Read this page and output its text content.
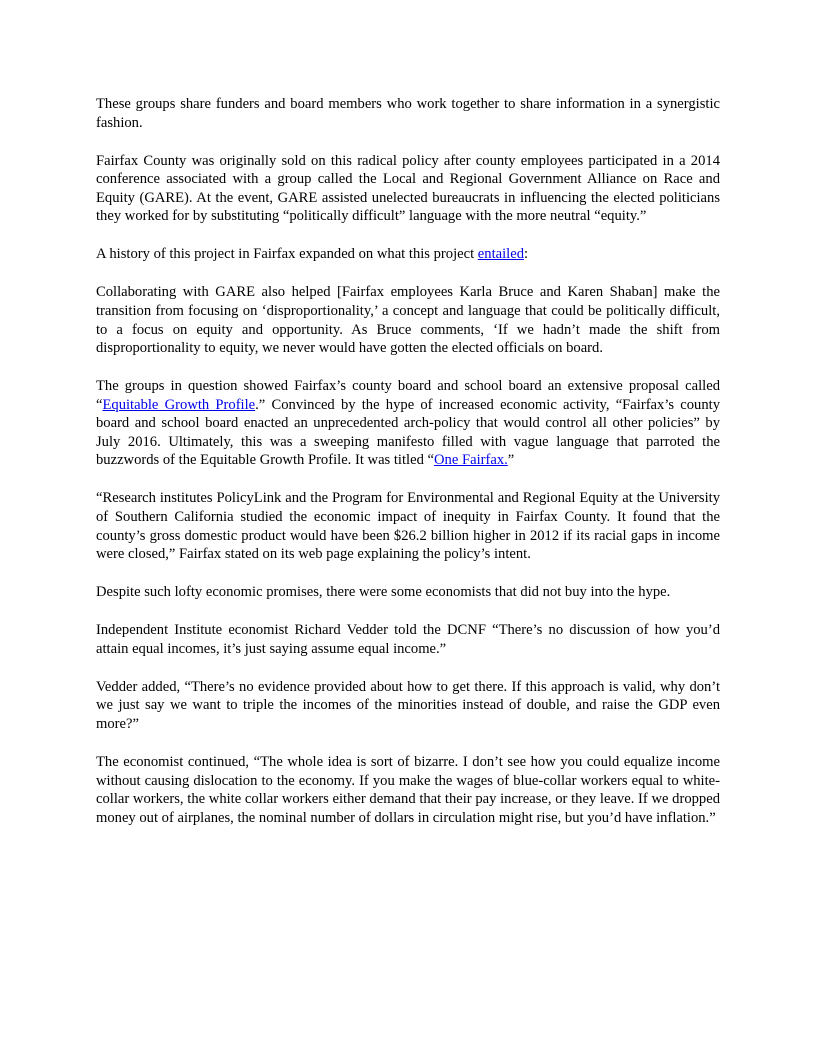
These groups share funders and board members who work together to share information in a synergistic fashion.

Fairfax County was originally sold on this radical policy after county employees participated in a 2014 conference associated with a group called the Local and Regional Government Alliance on Race and Equity (GARE). At the event, GARE assisted unelected bureaucrats in influencing the elected politicians they worked for by substituting “politically difficult” language with the more neutral “equity.”

A history of this project in Fairfax expanded on what this project entailed:

Collaborating with GARE also helped [Fairfax employees Karla Bruce and Karen Shaban] make the transition from focusing on ‘disproportionality,’ a concept and language that could be politically difficult, to a focus on equity and opportunity. As Bruce comments, ‘If we hadn’t made the shift from disproportionality to equity, we never would have gotten the elected officials on board.

The groups in question showed Fairfax’s county board and school board an extensive proposal called “Equitable Growth Profile.” Convinced by the hype of increased economic activity, “Fairfax’s county board and school board enacted an unprecedented arch-policy that would control all other policies” by July 2016. Ultimately, this was a sweeping manifesto filled with vague language that parroted the buzzwords of the Equitable Growth Profile. It was titled “One Fairfax.”

“Research institutes PolicyLink and the Program for Environmental and Regional Equity at the University of Southern California studied the economic impact of inequity in Fairfax County. It found that the county’s gross domestic product would have been $26.2 billion higher in 2012 if its racial gaps in income were closed,” Fairfax stated on its web page explaining the policy’s intent.

Despite such lofty economic promises, there were some economists that did not buy into the hype.

Independent Institute economist Richard Vedder told the DCNF “There’s no discussion of how you’d attain equal incomes, it’s just saying assume equal income.”

Vedder added, “There’s no evidence provided about how to get there. If this approach is valid, why don’t we just say we want to triple the incomes of the minorities instead of double, and raise the GDP even more?”

The economist continued, “The whole idea is sort of bizarre. I don’t see how you could equalize income without causing dislocation to the economy. If you make the wages of blue-collar workers equal to white-collar workers, the white collar workers either demand that their pay increase, or they leave. If we dropped money out of airplanes, the nominal number of dollars in circulation might rise, but you’d have inflation.”
